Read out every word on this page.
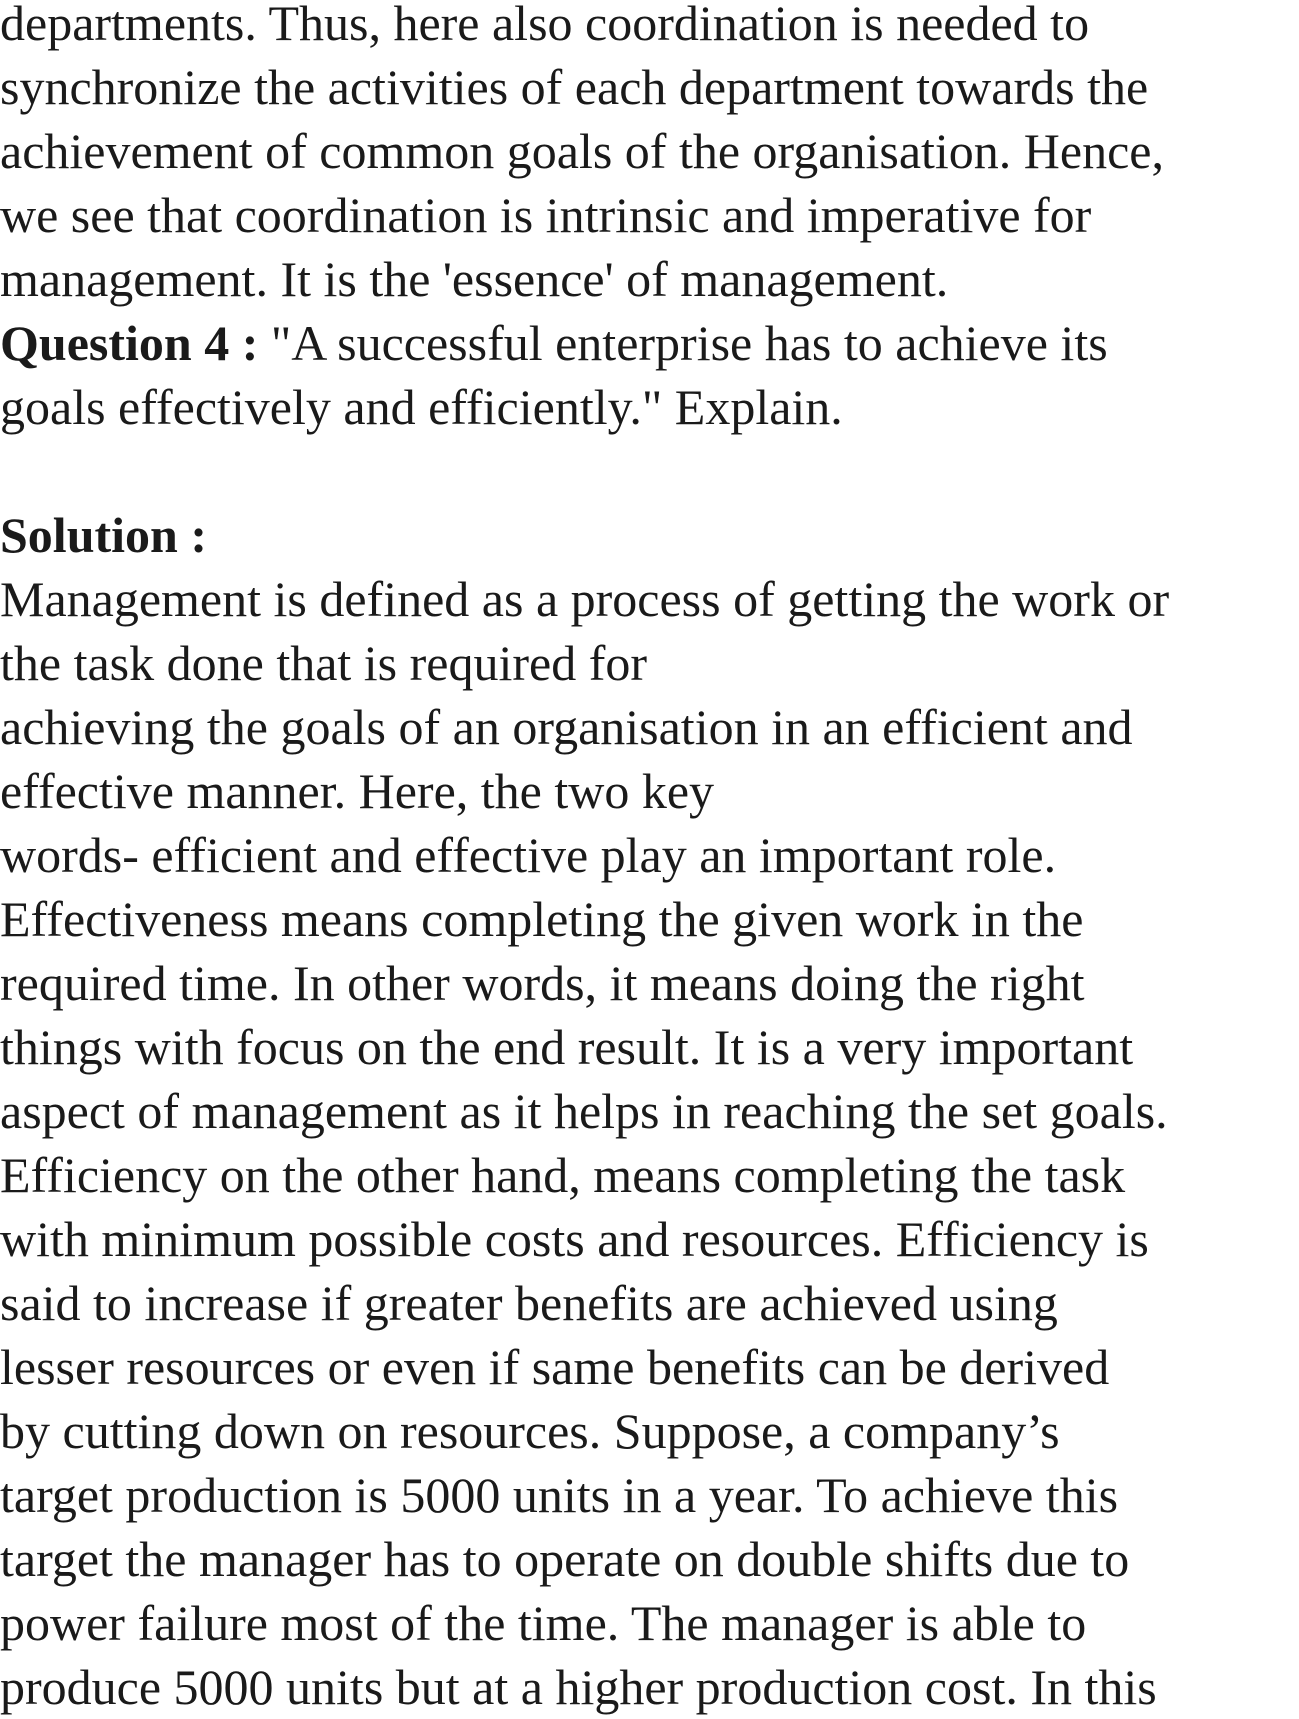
departments. Thus, here also coordination is needed to
synchronize the activities of each department towards the
achievement of common goals of the organisation. Hence,
we see that coordination is intrinsic and imperative for
management. It is the 'essence' of management.
Question 4 : "A successful enterprise has to achieve its
goals effectively and efficiently." Explain.
Solution :
Management is defined as a process of getting the work or
the task done that is required for
achieving the goals of an organisation in an efficient and
effective manner. Here, the two key
words- efficient and effective play an important role.
Effectiveness means completing the given work in the
required time. In other words, it means doing the right
things with focus on the end result. It is a very important
aspect of management as it helps in reaching the set goals.
Efficiency on the other hand, means completing the task
with minimum possible costs and resources. Efficiency is
said to increase if greater benefits are achieved using
lesser resources or even if same benefits can be derived
by cutting down on resources. Suppose, a company’s
target production is 5000 units in a year. To achieve this
target the manager has to operate on double shifts due to
power failure most of the time. The manager is able to
produce 5000 units but at a higher production cost. In this
